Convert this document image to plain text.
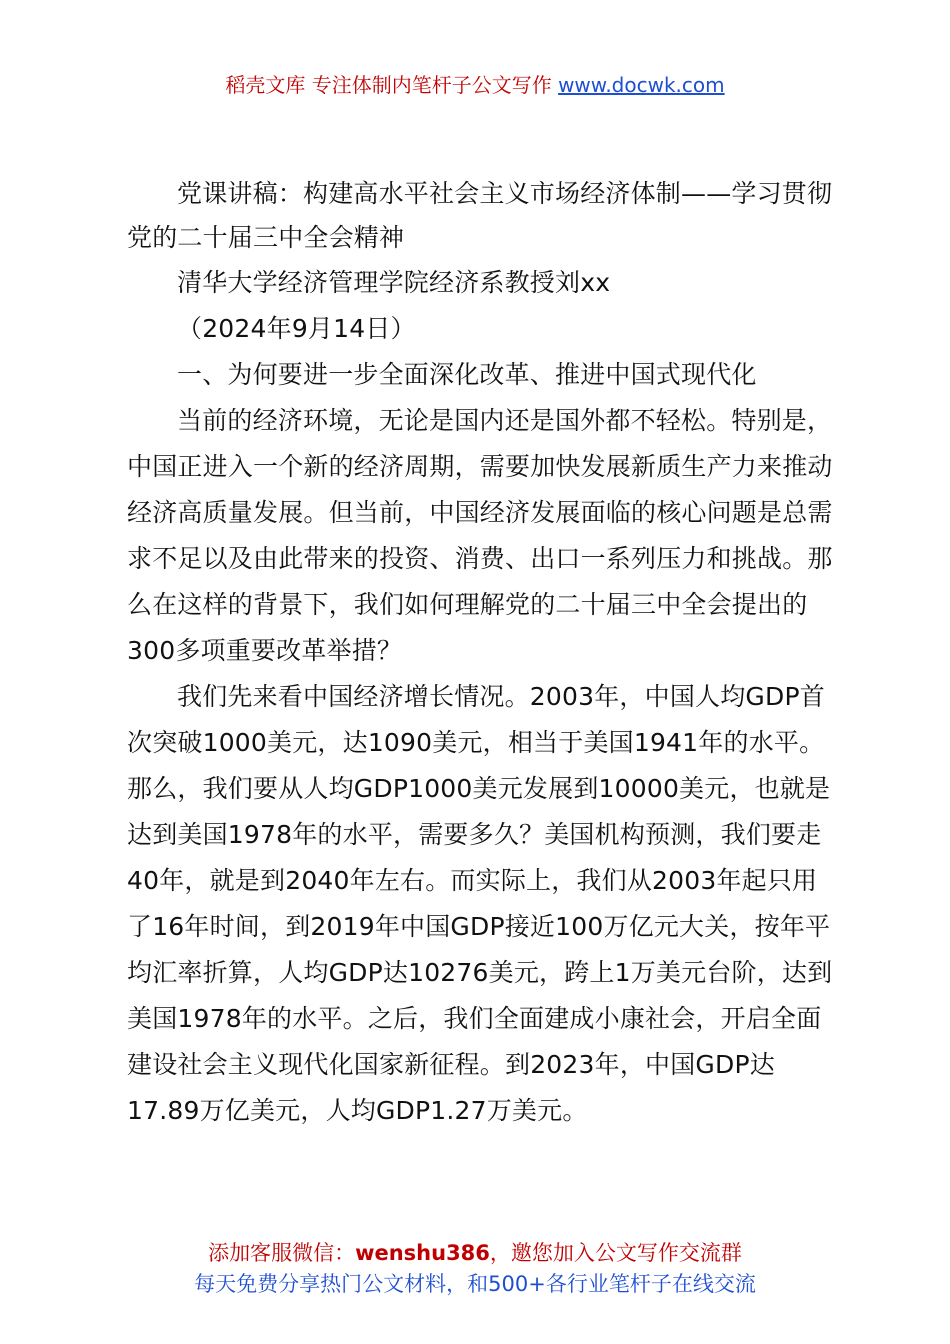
稻壳文库 专注体制内笔杆子公文写作 www.docwk.com

党课讲稿：构建高水平社会主义市场经济体制——学习贯彻党的二十届三中全会精神

清华大学经济管理学院经济系教授刘xx

（2024年9月14日）

一、为何要进一步全面深化改革、推进中国式现代化

当前的经济环境，无论是国内还是国外都不轻松。特别是，中国正进入一个新的经济周期，需要加快发展新质生产力来推动经济高质量发展。但当前，中国经济发展面临的核心问题是总需求不足以及由此带来的投资、消费、出口一系列压力和挑战。那么在这样的背景下，我们如何理解党的二十届三中全会提出的300多项重要改革举措？

我们先来看中国经济增长情况。2003年，中国人均GDP首次突破1000美元，达1090美元，相当于美国1941年的水平。那么，我们要从人均GDP1000美元发展到10000美元，也就是达到美国1978年的水平，需要多久？美国机构预测，我们要走40年，就是到2040年左右。而实际上，我们从2003年起只用了16年时间，到2019年中国GDP接近100万亿元大关，按年平均汇率折算，人均GDP达10276美元，跨上1万美元台阶，达到美国1978年的水平。之后，我们全面建成小康社会，开启全面建设社会主义现代化国家新征程。到2023年，中国GDP达17.89万亿美元，人均GDP1.27万美元。

添加客服微信：wenshu386，邀您加入公文写作交流群
每天免费分享热门公文材料，和500+各行业笔杆子在线交流
